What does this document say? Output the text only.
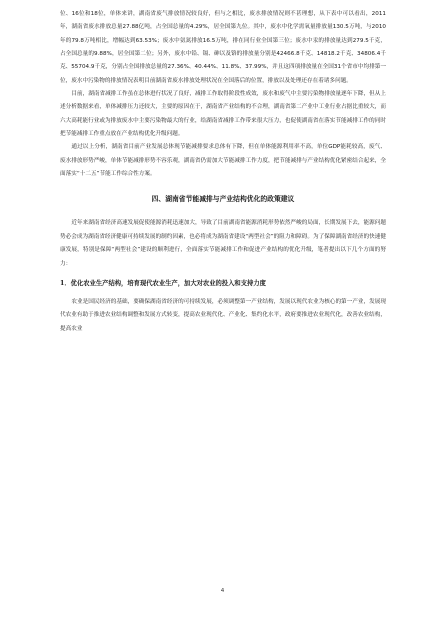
位、16位和18位，单体来讲，湖南省废气排放情况较良好，但与之相比，废水排放情况则不甚理想，从下表中可以看出，2011年，湖南省废水排放总量27.88亿吨，占全国总量的4.29%，居全国第九位。其中，废水中化学需氧量排放量130.5万吨，与2010年的79.8万吨相比，增幅达到63.53%；废水中氨氮排放16.5万吨，排在同行业全国第三位；废水中汞的排放量达到279.5千克，占全国总量的9.88%，居全国第二位；另外，废水中铅、镉、砷以及铬的排放量分别是42466.8千克、14818.2千克、34806.4千克、55704.9千克，分别占全国排放总量的27.36%、40.44%、11.8%、37.99%，并且这四项排放量在全国31个省市中均排第一位，废水中污染物的排放情况表明目前湖南省废水排放处理状况在全国落后的位置，排放以及处理还存在着诸多问题。

目前，湖南省减排工作虽在总体进行状况了良好，减排工作取得阶段性成效，废水和废气中主要污染物排放量逐年下降，但从上述分析数据来看，单体减排压力还较大，主要的原因在于，湖南省产业结构的不合理，湖南省第二产业中工业行业占据比重较大，而六大高耗能行业或为排放废水中主要污染物最大的行业，给湖南省减排工作带来很大压力，也促使湖南省在落实节能减排工作的同时把节能减排工作重点放在产业结构优化升级问题。

通过以上分析，湖南省目前产业发展总体现节能减排要求总体有下降，但在单体能源利用率不高，单位GDP能耗较高，废气、废水排放形势严峻，单体节能减排形势不容乐观，湖南省仍需加大节能减排工作力度，把节能减排与产业结构优化紧密结合起来，全面落实“十二五”节能工作综合性方案。

四、湖南省节能减排与产业结构优化的政策建议

近年来湖南省经济高速发展促使能源消耗迅速加大，导致了目前湖南省能源消耗形势依然严峻的局面，长期发展下去，能源问题势必会成为湖南省经济健康可持续发展的制约因素，也必将成为湖南省建设“两型社会”的阻力和障碍。为了保障湖南省经济的快速健康发展，特别是保障“两型社会”建设的顺利进行，全面落实节能减排工作和促进产业结构的优化升级，笔者提出以下几个方面的努力：

1．优化农业生产结构，培育现代农业生产，加大对农业的投入和支持力度

农业是国民经济的基础，要确保湖南省经济的可持续发展，必须调整第一产业结构，发展以现代农业为核心的第一产业，发展现代农业有助于推进农业结构调整和发展方式转变，提高农业现代化、产业化、集约化水平，政府要推进农业现代化，改善农业结构，提高农业

4
